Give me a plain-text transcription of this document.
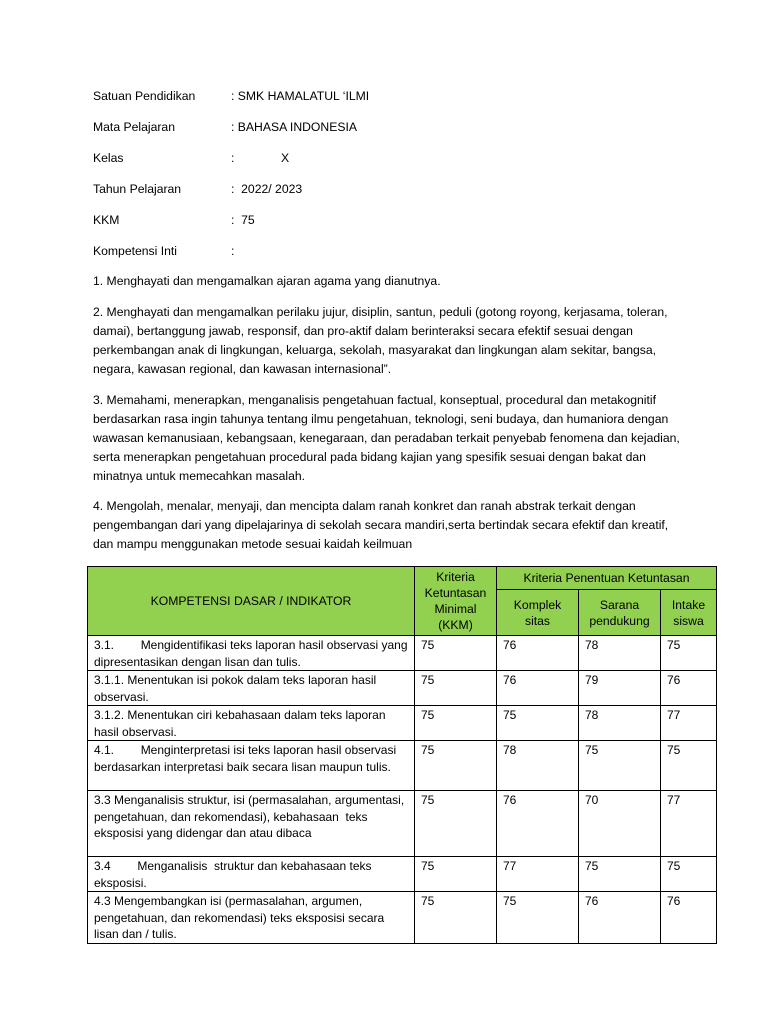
Satuan Pendidikan	: SMK HAMALATUL ‘ILMI
Mata Pelajaran	: BAHASA INDONESIA
Kelas	:	X
Tahun Pelajaran	:  2022/ 2023
KKM	:  75
Kompetensi Inti	:

1. Menghayati dan mengamalkan ajaran agama yang dianutnya.

2. Menghayati dan mengamalkan perilaku jujur, disiplin, santun, peduli (gotong royong, kerjasama, toleran, damai), bertanggung jawab, responsif, dan pro-aktif dalam berinteraksi secara efektif sesuai dengan perkembangan anak di lingkungan, keluarga, sekolah, masyarakat dan lingkungan alam sekitar, bangsa, negara, kawasan regional, dan kawasan internasional”.

3. Memahami, menerapkan, menganalisis pengetahuan factual, konseptual, procedural dan metakognitif berdasarkan rasa ingin tahunya tentang ilmu pengetahuan, teknologi, seni budaya, dan humaniora dengan wawasan kemanusiaan, kebangsaan, kenegaraan, dan peradaban terkait penyebab fenomena dan kejadian, serta menerapkan pengetahuan procedural pada bidang kajian yang spesifik sesuai dengan bakat dan minatnya untuk memecahkan masalah.

4. Mengolah, menalar, menyaji, dan mencipta dalam ranah konkret dan ranah abstrak terkait dengan pengembangan dari yang dipelajarinya di sekolah secara mandiri,serta bertindak secara efektif dan kreatif, dan mampu menggunakan metode sesuai kaidah keilmuan

KOMPETENSI DASAR / INDIKATOR	Kriteria Ketuntasan Minimal (KKM)	Kriteria Penentuan Ketuntasan		
		Komplek sitas	Sarana pendukung	Intake siswa
3.1.        Mengidentifikasi teks laporan hasil observasi yang dipresentasikan dengan lisan dan tulis.	75	76	78	75
3.1.1. Menentukan isi pokok dalam teks laporan hasil observasi.	75	76	79	76
3.1.2. Menentukan ciri kebahasaan dalam teks laporan hasil observasi.	75	75	78	77
4.1.        Menginterpretasi isi teks laporan hasil observasi berdasarkan interpretasi baik secara lisan maupun tulis.	75	78	75	75
3.3 Menganalisis struktur, isi (permasalahan, argumentasi, pengetahuan, dan rekomendasi), kebahasaan  teks eksposisi yang didengar dan atau dibaca	75	76	70	77
3.4        Menganalisis  struktur dan kebahasaan teks eksposisi.	75	77	75	75
4.3 Mengembangkan isi (permasalahan, argumen, pengetahuan, dan rekomendasi) teks eksposisi secara lisan dan / tulis.	75	75	76	76
